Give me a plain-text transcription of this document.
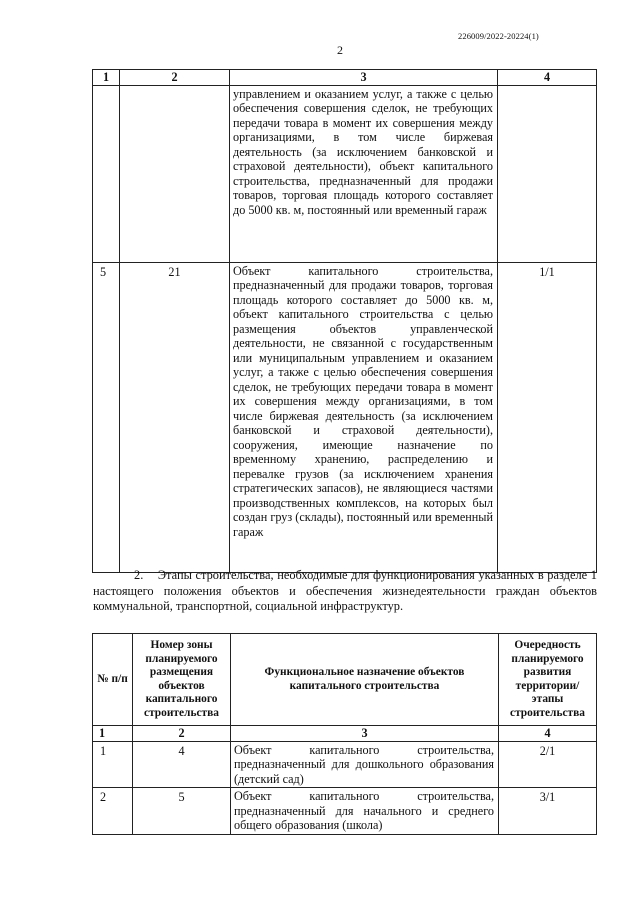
226009/2022-20224(1)
2
1	2	3	4
		управлением и оказанием услуг, а также с целью обеспечения совершения сделок, не требующих передачи товара в момент их совершения между организациями, в том числе биржевая деятельность (за исключением банковской и страховой деятельности), объект капитального строительства, предназначенный для продажи товаров, торговая площадь которого составляет до 5000 кв. м, постоянный или временный гараж	
5	21	Объект капитального строительства, предназначенный для продажи товаров, торговая площадь которого составляет до 5000 кв. м, объект капитального строительства с целью размещения объектов управленческой деятельности, не связанной с государственным или муниципальным управлением и оказанием услуг, а также с целью обеспечения совершения сделок, не требующих передачи товара в момент их совершения между организациями, в том числе биржевая деятельность (за исключением банковской и страховой деятельности), сооружения, имеющие назначение по временному хранению, распределению и перевалке грузов (за исключением хранения стратегических запасов), не являющиеся частями производственных комплексов, на которых был создан груз (склады), постоянный или временный гараж	1/1

2.    Этапы строительства, необходимые для функционирования указанных в разделе 1 настоящего положения объектов и обеспечения жизнедеятельности граждан объектов коммунальной, транспортной, социальной инфраструктур.

№ п/п	Номер зоны планируемого размещения объектов капитального строительства	Функциональное назначение объектов капитального строительства	Очередность планируемого развития территории/ этапы строительства
1	2	3	4
1	4	Объект капитального строительства, предназначенный для дошкольного образования (детский сад)	2/1
2	5	Объект капитального строительства, предназначенный для начального и среднего общего образования (школа)	3/1
